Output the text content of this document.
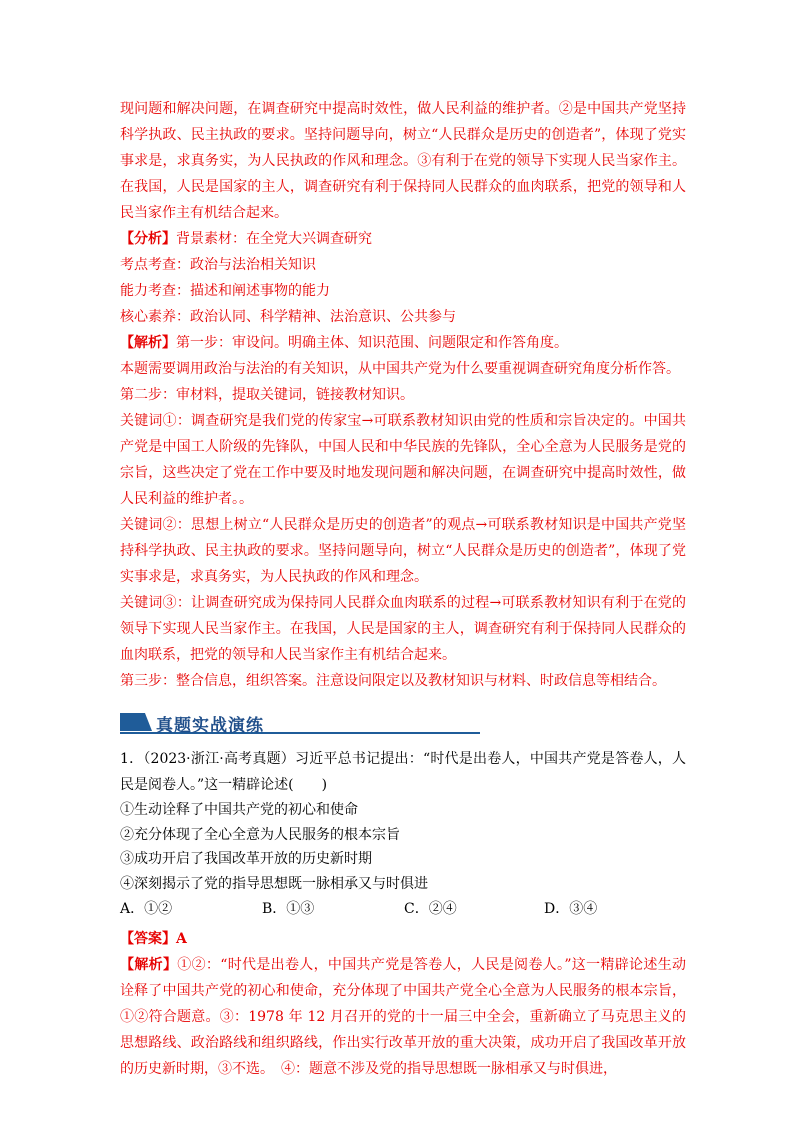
现问题和解决问题，在调查研究中提高时效性，做人民利益的维护者。②是中国共产党坚持科学执政、民主执政的要求。坚持问题导向，树立“人民群众是历史的创造者”，体现了党实事求是，求真务实，为人民执政的作风和理念。③有利于在党的领导下实现人民当家作主。在我国，人民是国家的主人，调查研究有利于保持同人民群众的血肉联系，把党的领导和人民当家作主有机结合起来。

【分析】背景素材：在全党大兴调查研究

考点考查：政治与法治相关知识

能力考查：描述和阐述事物的能力

核心素养：政治认同、科学精神、法治意识、公共参与

【解析】第一步：审设问。明确主体、知识范围、问题限定和作答角度。

本题需要调用政治与法治的有关知识，从中国共产党为什么要重视调查研究角度分析作答。

第二步：审材料，提取关键词，链接教材知识。

关键词①：调查研究是我们党的传家宝→可联系教材知识由党的性质和宗旨决定的。中国共产党是中国工人阶级的先锋队，中国人民和中华民族的先锋队，全心全意为人民服务是党的宗旨，这些决定了党在工作中要及时地发现问题和解决问题，在调查研究中提高时效性，做人民利益的维护者。。

关键词②：思想上树立“人民群众是历史的创造者”的观点→可联系教材知识是中国共产党坚持科学执政、民主执政的要求。坚持问题导向，树立“人民群众是历史的创造者”，体现了党实事求是，求真务实，为人民执政的作风和理念。

关键词③：让调查研究成为保持同人民群众血肉联系的过程→可联系教材知识有利于在党的领导下实现人民当家作主。在我国，人民是国家的主人，调查研究有利于保持同人民群众的血肉联系，把党的领导和人民当家作主有机结合起来。

第三步：整合信息，组织答案。注意设问限定以及教材知识与材料、时政信息等相结合。

真题实战演练

1．（2023·浙江·高考真题）习近平总书记提出：“时代是出卷人，中国共产党是答卷人，人民是阅卷人。”这一精辟论述(　　)

①生动诠释了中国共产党的初心和使命

②充分体现了全心全意为人民服务的根本宗旨

③成功开启了我国改革开放的历史新时期

④深刻揭示了党的指导思想既一脉相承又与时俱进

A．①②	B．①③	C．②④	D．③④

【答案】A

【解析】①②：“时代是出卷人，中国共产党是答卷人，人民是阅卷人。”这一精辟论述生动诠释了中国共产党的初心和使命，充分体现了中国共产党全心全意为人民服务的根本宗旨，①②符合题意。③：1978 年 12 月召开的党的十一届三中全会，重新确立了马克思主义的思想路线、政治路线和组织路线，作出实行改革开放的重大决策，成功开启了我国改革开放的历史新时期，③不选。　④：题意不涉及党的指导思想既一脉相承又与时俱进，
